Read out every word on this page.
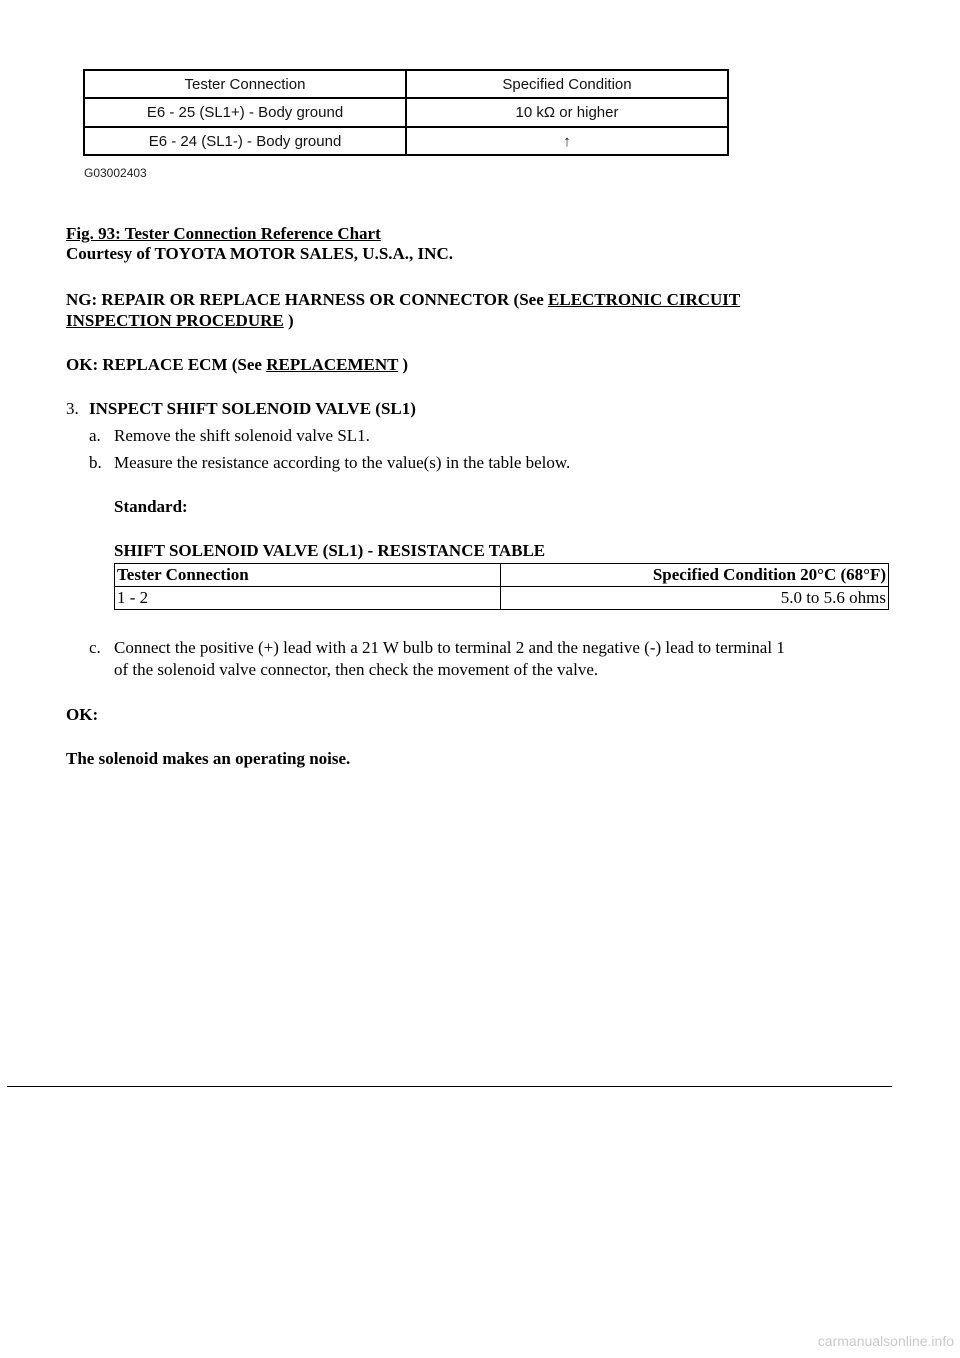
Tester Connection	Specified Condition
E6 - 25 (SL1+) - Body ground	10 kΩ or higher
E6 - 24 (SL1-) - Body ground	↑
G03002403
Fig. 93: Tester Connection Reference Chart
Courtesy of TOYOTA MOTOR SALES, U.S.A., INC.
NG: REPAIR OR REPLACE HARNESS OR CONNECTOR (See ELECTRONIC CIRCUIT
INSPECTION PROCEDURE )
OK: REPLACE ECM (See REPLACEMENT )
3. INSPECT SHIFT SOLENOID VALVE (SL1)
a. Remove the shift solenoid valve SL1.
b. Measure the resistance according to the value(s) in the table below.
Standard:
SHIFT SOLENOID VALVE (SL1) - RESISTANCE TABLE
Tester Connection	Specified Condition 20°C (68°F)
1 - 2	5.0 to 5.6 ohms
c. Connect the positive (+) lead with a 21 W bulb to terminal 2 and the negative (-) lead to terminal 1
of the solenoid valve connector, then check the movement of the valve.
OK:
The solenoid makes an operating noise.
carmanualsonline.info
